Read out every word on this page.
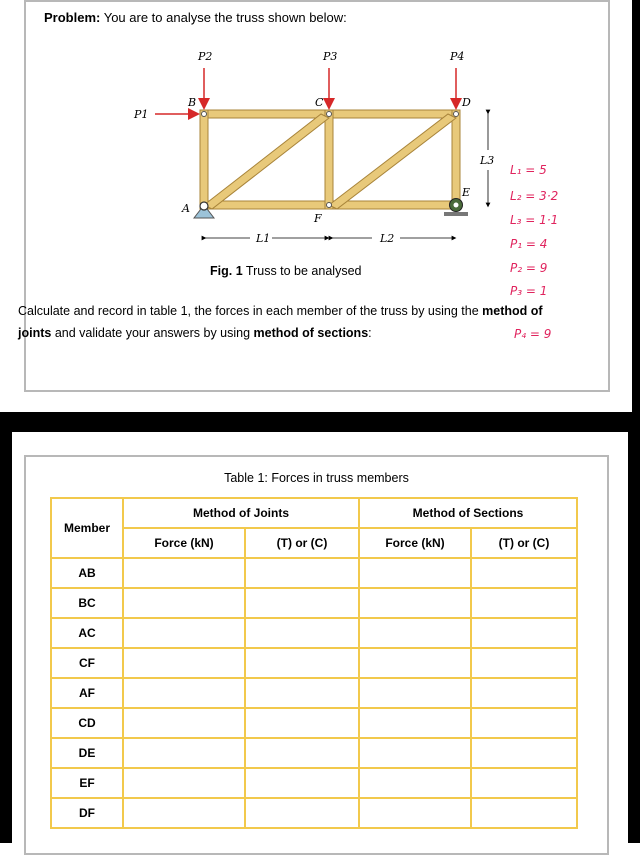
Problem: You are to analyse the truss shown below:
P2	P3	P4
P1
A
B	C	D
E
F
L1	L2
L3
L₁ = 5
L₂ = 3·2
L₃ = 1·1
P₁ = 4
P₂ = 9
P₃ = 1
Fig. 1 Truss to be analysed
Calculate and record in table 1, the forces in each member of the truss by using the method of joints and validate your answers by using method of sections:	P₄ = 9
Table 1: Forces in truss members
Member	Method of Joints		Method of Sections	
	Force (kN)	(T) or (C)	Force (kN)	(T) or (C)
AB				
BC				
AC				
CF				
AF				
CD				
DE				
EF				
DF				
